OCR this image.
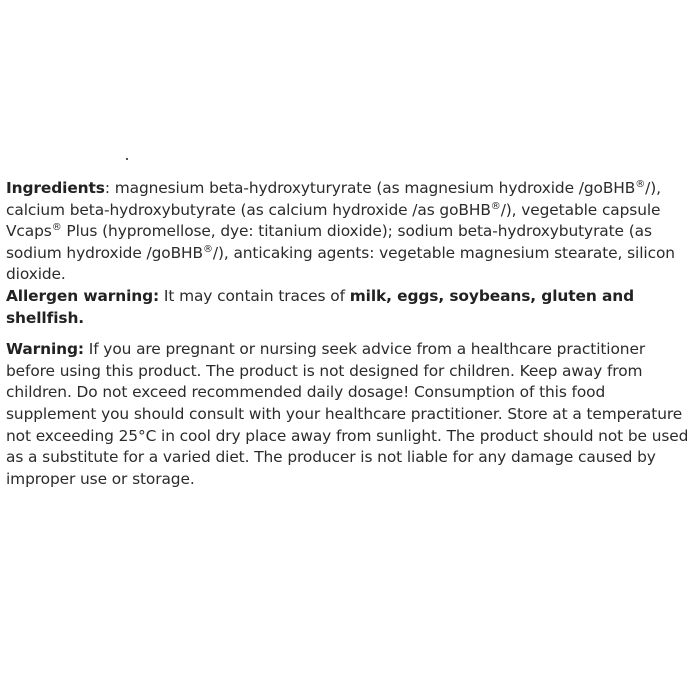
Ingredients: magnesium beta-hydroxyturyrate (as magnesium hydroxide /goBHB®/), calcium beta-hydroxybutyrate (as calcium hydroxide /as goBHB®/), vegetable capsule Vcaps® Plus (hypromellose, dye: titanium dioxide); sodium beta-hydroxybutyrate (as sodium hydroxide /goBHB®/), anticaking agents: vegetable magnesium stearate, silicon dioxide.

Allergen warning: It may contain traces of milk, eggs, soybeans, gluten and shellfish.

Warning: If you are pregnant or nursing seek advice from a healthcare practitioner before using this product. The product is not designed for children. Keep away from children. Do not exceed recommended daily dosage! Consumption of this food supplement you should consult with your healthcare practitioner. Store at a temperature not exceeding 25°C in cool dry place away from sunlight. The product should not be used as a substitute for a varied diet. The producer is not liable for any damage caused by improper use or storage.
